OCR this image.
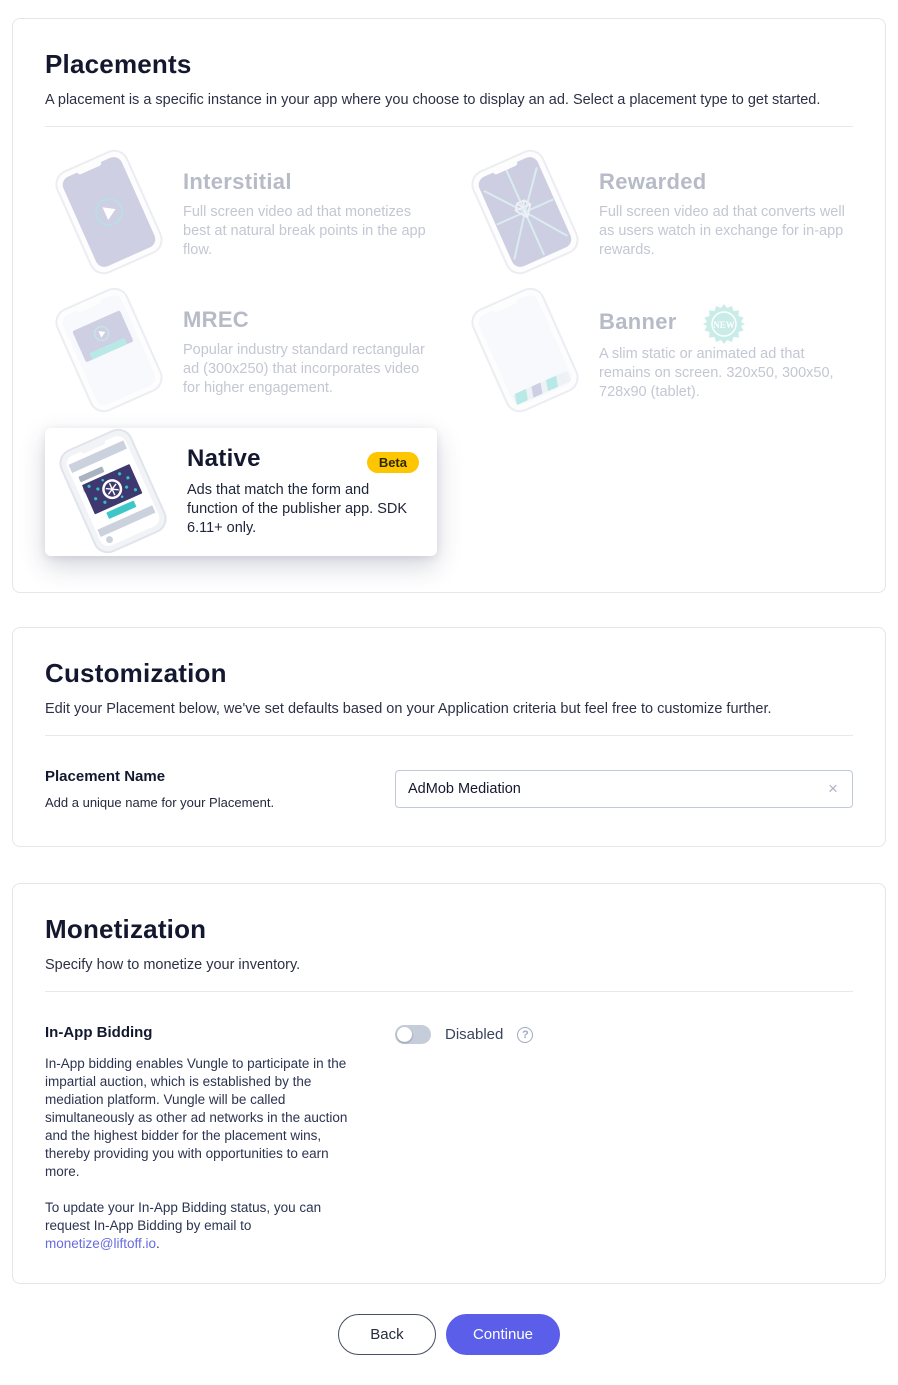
Placements

A placement is a specific instance in your app where you choose to display an ad. Select a placement type to get started.

Interstitial

Full screen video ad that monetizes best at natural break points in the app flow.

Rewarded

Full screen video ad that converts well as users watch in exchange for in-app rewards.

MREC

Popular industry standard rectangular ad (300x250) that incorporates video for higher engagement.

Banner	NEW

A slim static or animated ad that remains on screen. 320x50, 300x50, 728x90 (tablet).

Native	Beta

Ads that match the form and function of the publisher app. SDK 6.11+ only.

Customization

Edit your Placement below, we've set defaults based on your Application criteria but feel free to customize further.

Placement Name

Add a unique name for your Placement.

AdMob Mediation
×
Monetization

Specify how to monetize your inventory.

In-App Bidding

In-App bidding enables Vungle to participate in the impartial auction, which is established by the mediation platform. Vungle will be called simultaneously as other ad networks in the auction and the highest bidder for the placement wins, thereby providing you with opportunities to earn more.

To update your In-App Bidding status, you can request In-App Bidding by email to monetize@liftoff.io.

Disabled	?
Back	Continue
